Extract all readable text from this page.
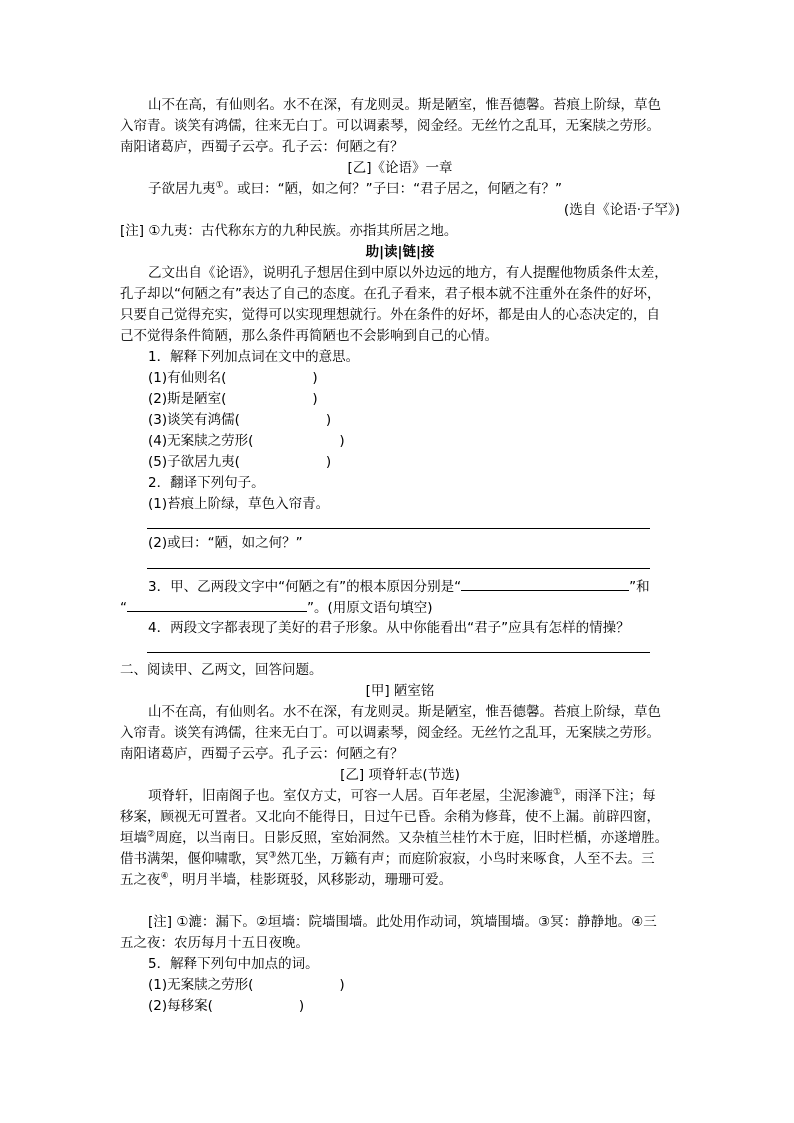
山不在高，有仙则名。水不在深，有龙则灵。斯是陋室，惟吾德馨。苔痕上阶绿，草色

入帘青。谈笑有鸿儒，往来无白丁。可以调素琴，阅金经。无丝竹之乱耳，无案牍之劳形。

南阳诸葛庐，西蜀子云亭。孔子云：何陋之有？

[乙]《论语》一章

子欲居九夷①。或曰：“陋，如之何？”子曰：“君子居之，何陋之有？”

(选自《论语·子罕》)

[注] ①九夷：古代称东方的九种民族。亦指其所居之地。

助|读|链|接

乙文出自《论语》，说明孔子想居住到中原以外边远的地方，有人提醒他物质条件太差，

孔子却以“何陋之有”表达了自己的态度。在孔子看来，君子根本就不注重外在条件的好坏，

只要自己觉得充实，觉得可以实现理想就行。外在条件的好坏，都是由人的心态决定的，自

己不觉得条件简陋，那么条件再简陋也不会影响到自己的心情。

1．解释下列加点词在文中的意思。

(1)有仙则名(	)

(2)斯是陋室(	)

(3)谈笑有鸿儒(	)

(4)无案牍之劳形(	)

(5)子欲居九夷(	)

2．翻译下列句子。

(1)苔痕上阶绿，草色入帘青。

(2)或曰：“陋，如之何？”

3．甲、乙两段文字中“何陋之有”的根本原因分别是“	”和

“	”。(用原文语句填空)

4．两段文字都表现了美好的君子形象。从中你能看出“君子”应具有怎样的情操？

二、阅读甲、乙两文，回答问题。

[甲] 陋室铭

山不在高，有仙则名。水不在深，有龙则灵。斯是陋室，惟吾德馨。苔痕上阶绿，草色

入帘青。谈笑有鸿儒，往来无白丁。可以调素琴，阅金经。无丝竹之乱耳，无案牍之劳形。

南阳诸葛庐，西蜀子云亭。孔子云：何陋之有？

[乙] 项脊轩志(节选)

项脊轩，旧南阁子也。室仅方丈，可容一人居。百年老屋，尘泥渗漉①，雨泽下注；每

移案，顾视无可置者。又北向不能得日，日过午已昏。余稍为修葺，使不上漏。前辟四窗，

垣墙②周庭，以当南日。日影反照，室始洞然。又杂植兰桂竹木于庭，旧时栏楯，亦遂增胜。

借书满架，偃仰啸歌，冥③然兀坐，万籁有声；而庭阶寂寂，小鸟时来啄食，人至不去。三

五之夜④，明月半墙，桂影斑驳，风移影动，珊珊可爱。

[注] ①漉：漏下。②垣墙：院墙围墙。此处用作动词，筑墙围墙。③冥：静静地。④三

五之夜：农历每月十五日夜晚。

5．解释下列句中加点的词。

(1)无案牍之劳形(	)

(2)每移案(	)
